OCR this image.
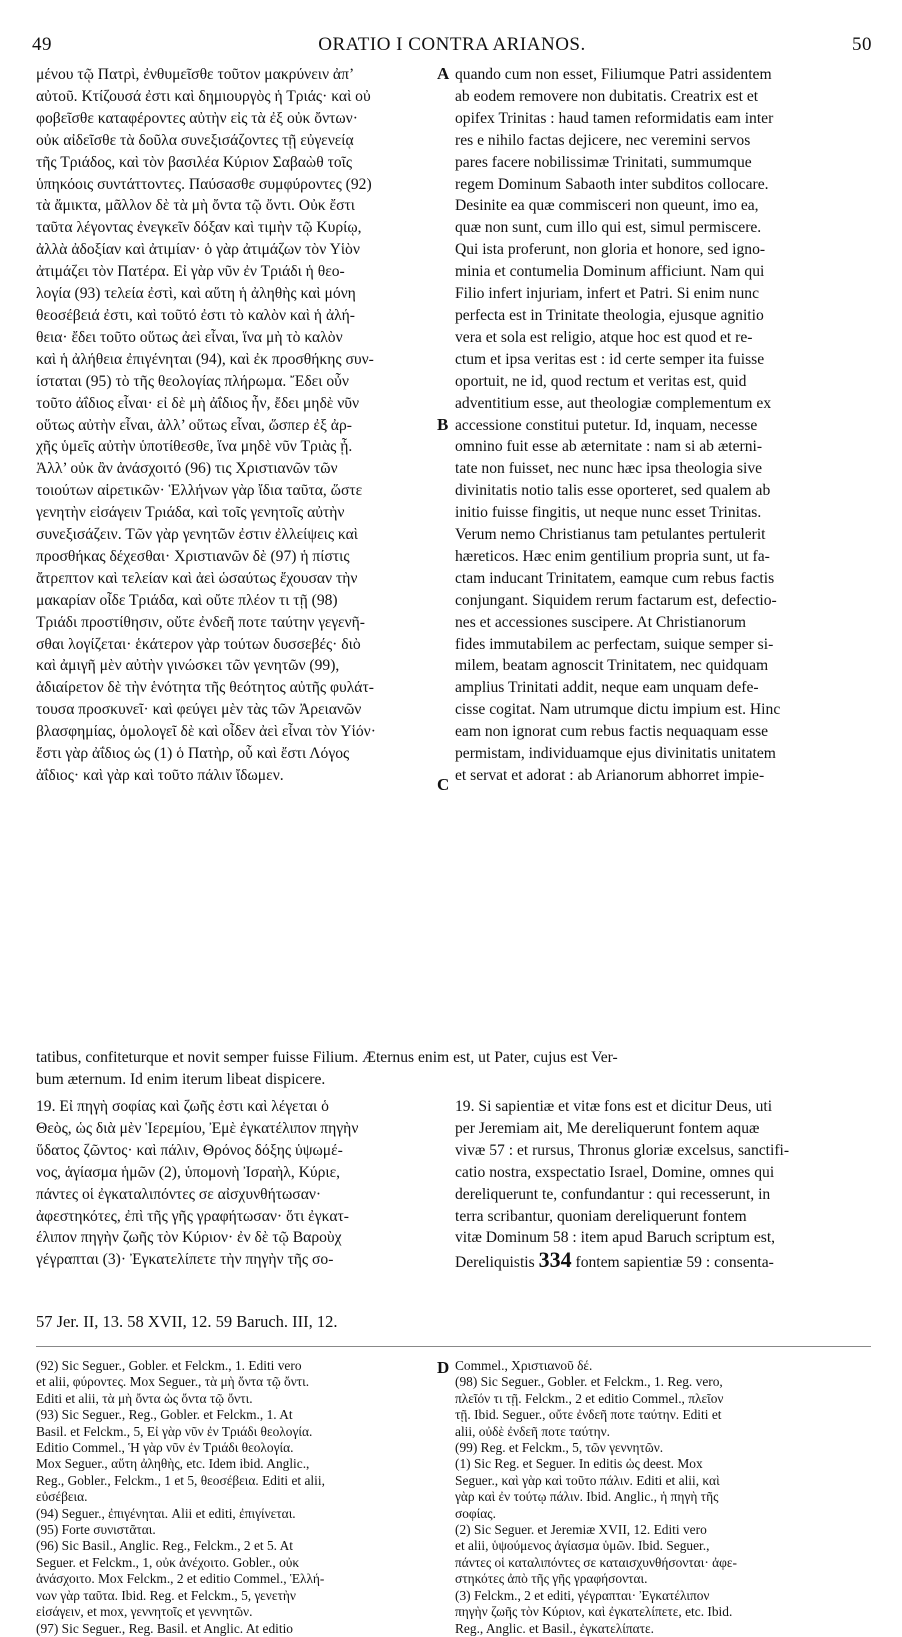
49	ORATIO I CONTRA ARIANOS.	50

μένου τῷ Πατρὶ, ἐνθυμεῖσθε τοῦτον μακρύνειν ἀπ’

αὐτοῦ. Κτίζουσά ἐστι καὶ δημιουργὸς ἡ Τριάς· καὶ οὐ

φοβεῖσθε καταφέροντες αὐτὴν εἰς τὰ ἐξ οὐκ ὄντων·

οὐκ αἰδεῖσθε τὰ δοῦλα συνεξισάζοντες τῇ εὐγενείᾳ

τῆς Τριάδος, καὶ τὸν βασιλέα Κύριον Σαβαὼθ τοῖς

ὑπηκόοις συντάττοντες. Παύσασθε συμφύροντες (92)

τὰ ἄμικτα, μᾶλλον δὲ τὰ μὴ ὄντα τῷ ὄντι. Οὐκ ἔστι

ταῦτα λέγοντας ἐνεγκεῖν δόξαν καὶ τιμὴν τῷ Κυρίῳ,

ἀλλὰ ἀδοξίαν καὶ ἀτιμίαν· ὁ γὰρ ἀτιμάζων τὸν Υἱὸν

ἀτιμάζει τὸν Πατέρα. Εἰ γὰρ νῦν ἐν Τριάδι ἡ θεο-

λογία (93) τελεία ἐστὶ, καὶ αὕτη ἡ ἀληθὴς καὶ μόνη

θεοσέβειά ἐστι, καὶ τοῦτό ἐστι τὸ καλὸν καὶ ἡ ἀλή-

θεια· ἔδει τοῦτο οὕτως ἀεὶ εἶναι, ἵνα μὴ τὸ καλὸν

καὶ ἡ ἀλήθεια ἐπιγένηται (94), καὶ ἐκ προσθήκης συν-

ίσταται (95) τὸ τῆς θεολογίας πλήρωμα. Ἔδει οὖν

τοῦτο ἀΐδιος εἶναι· εἰ δὲ μὴ ἀΐδιος ἦν, ἔδει μηδὲ νῦν

οὕτως αὐτὴν εἶναι, ἀλλ’ οὕτως εἶναι, ὥσπερ ἐξ ἀρ-

χῆς ὑμεῖς αὐτὴν ὑποτίθεσθε, ἵνα μηδὲ νῦν Τριὰς ᾖ.

Ἀλλ’ οὐκ ἂν ἀνάσχοιτό (96) τις Χριστιανῶν τῶν

τοιούτων αἱρετικῶν· Ἑλλήνων γὰρ ἴδια ταῦτα, ὥστε

γενητὴν εἰσάγειν Τριάδα, καὶ τοῖς γενητοῖς αὐτὴν

συνεξισάζειν. Τῶν γὰρ γενητῶν ἐστιν ἐλλείψεις καὶ

προσθήκας δέχεσθαι· Χριστιανῶν δὲ (97) ἡ πίστις

ἄτρεπτον καὶ τελείαν καὶ ἀεὶ ὡσαύτως ἔχουσαν τὴν

μακαρίαν οἶδε Τριάδα, καὶ οὔτε πλέον τι τῇ (98)

Τριάδι προστίθησιν, οὔτε ἐνδεῆ ποτε ταύτην γεγενῆ-

σθαι λογίζεται· ἑκάτερον γὰρ τούτων δυσσεβές· διὸ

καὶ ἀμιγῆ μὲν αὐτὴν γινώσκει τῶν γενητῶν (99),

ἀδιαίρετον δὲ τὴν ἑνότητα τῆς θεότητος αὐτῆς φυλάτ-

τουσα προσκυνεῖ· καὶ φεύγει μὲν τὰς τῶν Ἀρειανῶν

βλασφημίας, ὁμολογεῖ δὲ καὶ οἶδεν ἀεὶ εἶναι τὸν Υἱόν·

ἔστι γὰρ ἀΐδιος ὡς (1) ὁ Πατὴρ, οὗ καὶ ἔστι Λόγος

ἀΐδιος· καὶ γὰρ καὶ τοῦτο πάλιν ἴδωμεν.

quando cum non esset, Filiumque Patri assidentem

ab eodem removere non dubitatis. Creatrix est et

opifex Trinitas : haud tamen reformidatis eam inter

res e nihilo factas dejicere, nec veremini servos

pares facere nobilissimæ Trinitati, summumque

regem Dominum Sabaoth inter subditos collocare.

Desinite ea quæ commisceri non queunt, imo ea,

quæ non sunt, cum illo qui est, simul permiscere.

Qui ista proferunt, non gloria et honore, sed igno-

minia et contumelia Dominum afficiunt. Nam qui

Filio infert injuriam, infert et Patri. Si enim nunc

perfecta est in Trinitate theologia, ejusque agnitio

vera et sola est religio, atque hoc est quod et re-

ctum et ipsa veritas est : id certe semper ita fuisse

oportuit, ne id, quod rectum et veritas est, quid

adventitium esse, aut theologiæ complementum ex

accessione constitui putetur. Id, inquam, necesse

omnino fuit esse ab æternitate : nam si ab æterni-

tate non fuisset, nec nunc hæc ipsa theologia sive

divinitatis notio talis esse oporteret, sed qualem ab

initio fuisse fingitis, ut neque nunc esset Trinitas.

Verum nemo Christianus tam petulantes pertulerit

hæreticos. Hæc enim gentilium propria sunt, ut fa-

ctam inducant Trinitatem, eamque cum rebus factis

conjungant. Siquidem rerum factarum est, defectio-

nes et accessiones suscipere. At Christianorum

fides immutabilem ac perfectam, suique semper si-

milem, beatam agnoscit Trinitatem, nec quidquam

amplius Trinitati addit, neque eam unquam defe-

cisse cogitat. Nam utrumque dictu impium est. Hinc

eam non ignorat cum rebus factis nequaquam esse

permistam, individuamque ejus divinitatis unitatem

et servat et adorat : ab Arianorum abhorret impie-

A
B
C
D

tatibus, confiteturque et novit semper fuisse Filium. Æternus enim est, ut Pater, cujus est Ver-

bum æternum. Id enim iterum libeat dispicere.

19. Εἰ πηγὴ σοφίας καὶ ζωῆς ἐστι καὶ λέγεται ὁ

Θεὸς, ὡς διὰ μὲν Ἱερεμίου, Ἐμὲ ἐγκατέλιπον πηγὴν

ὕδατος ζῶντος· καὶ πάλιν, Θρόνος δόξης ὑψωμέ-

νος, ἁγίασμα ἡμῶν (2), ὑπομονὴ Ἰσραὴλ, Κύριε,

πάντες οἱ ἐγκαταλιπόντες σε αἰσχυνθήτωσαν·

ἀφεστηκότες, ἐπὶ τῆς γῆς γραφήτωσαν· ὅτι ἐγκατ-

έλιπον πηγὴν ζωῆς τὸν Κύριον· ἐν δὲ τῷ Βαροὺχ

γέγραπται (3)· Ἐγκατελίπετε τὴν πηγὴν τῆς σο-

19. Si sapientiæ et vitæ fons est et dicitur Deus, uti

per Jeremiam ait, Me dereliquerunt fontem aquæ

vivæ 57 : et rursus, Thronus gloriæ excelsus, sanctifi-

catio nostra, exspectatio Israel, Domine, omnes qui

dereliquerunt te, confundantur : qui recesserunt, in

terra scribantur, quoniam dereliquerunt fontem

vitæ Dominum 58 : item apud Baruch scriptum est,

Dereliquistis 334 fontem sapientiæ 59 : consenta-

57 Jer. II, 13. 58 XVII, 12. 59 Baruch. III, 12.

(92) Sic Seguer., Gobler. et Felckm., 1. Editi vero

et alii, φύροντες. Mox Seguer., τὰ μὴ ὄντα τῷ ὄντι.

Editi et alii, τὰ μὴ ὄντα ὡς ὄντα τῷ ὄντι.

(93) Sic Seguer., Reg., Gobler. et Felckm., 1. At

Basil. et Felckm., 5, Εἰ γὰρ νῦν ἐν Τριάδι θεολογία.

Editio Commel., Ἡ γὰρ νῦν ἐν Τριάδι θεολογία.

Mox Seguer., αὕτη ἀληθὴς, etc. Idem ibid. Anglic.,

Reg., Gobler., Felckm., 1 et 5, θεοσέβεια. Editi et alii,

εὐσέβεια.

(94) Seguer., ἐπιγένηται. Alii et editi, ἐπιγίνεται.

(95) Forte συνιστᾶται.

(96) Sic Basil., Anglic. Reg., Felckm., 2 et 5. At

Seguer. et Felckm., 1, οὐκ ἀνέχοιτο. Gobler., οὐκ

ἀνάσχοιτο. Mox Felckm., 2 et editio Commel., Ἑλλή-

νων γὰρ ταῦτα. Ibid. Reg. et Felckm., 5, γενετὴν

εἰσάγειν, et mox, γεννητοῖς et γεννητῶν.

(97) Sic Seguer., Reg. Basil. et Anglic. At editio

Commel., Χριστιανοῦ δέ.

(98) Sic Seguer., Gobler. et Felckm., 1. Reg. vero,

πλεῖόν τι τῇ. Felckm., 2 et editio Commel., πλεῖον

τῇ. Ibid. Seguer., οὔτε ἐνδεῆ ποτε ταύτην. Editi et

alii, οὐδὲ ἐνδεῆ ποτε ταύτην.

(99) Reg. et Felckm., 5, τῶν γεννητῶν.

(1) Sic Reg. et Seguer. In editis ὡς deest. Mox

Seguer., καὶ γὰρ καὶ τοῦτο πάλιν. Editi et alii, καὶ

γὰρ καὶ ἐν τούτῳ πάλιν. Ibid. Anglic., ἡ πηγὴ τῆς

σοφίας.

(2) Sic Seguer. et Jeremiæ XVII, 12. Editi vero

et alii, ὑψούμενος ἁγίασμα ὑμῶν. Ibid. Seguer.,

πάντες οἱ καταλιπόντες σε καταισχυνθήσονται· ἀφε-

στηκότες ἀπὸ τῆς γῆς γραφήσονται.

(3) Felckm., 2 et editi, γέγραπται· Ἐγκατέλιπον

πηγὴν ζωῆς τὸν Κύριον, καὶ ἐγκατελίπετε, etc. Ibid.

Reg., Anglic. et Basil., ἐγκατελίπατε.
